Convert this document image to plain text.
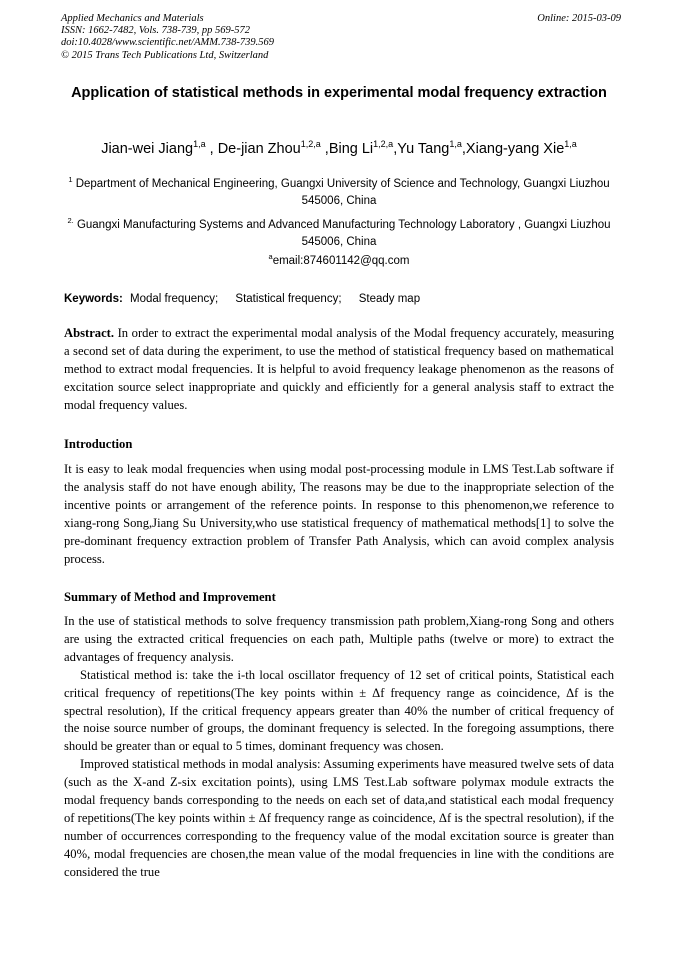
Applied Mechanics and Materials
ISSN: 1662-7482, Vols. 738-739, pp 569-572
doi:10.4028/www.scientific.net/AMM.738-739.569
© 2015 Trans Tech Publications Ltd, Switzerland
Online: 2015-03-09
Application of statistical methods in experimental modal frequency extraction
Jian-wei Jiang$^{1,a}$ , De-jian Zhou$^{1,2,a}$ ,Bing Li$^{1,2,a}$,Yu Tang$^{1,a}$,Xiang-yang Xie$^{1,a}$
$^1$ Department of Mechanical Engineering, Guangxi University of Science and Technology, Guangxi Liuzhou 545006, China
$^{2.}$ Guangxi Manufacturing Systems and Advanced Manufacturing Technology Laboratory , Guangxi Liuzhou 545006, China
$^a$email:874601142@qq.com
Keywords: Modal frequency; Statistical frequency; Steady map
Abstract. In order to extract the experimental modal analysis of the Modal frequency accurately, measuring a second set of data during the experiment, to use the method of statistical frequency based on mathematical method to extract modal frequencies. It is helpful to avoid frequency leakage phenomenon as the reasons of excitation source select inappropriate and quickly and efficiently for a general analysis staff to extract the modal frequency values.
Introduction
It is easy to leak modal frequencies when using modal post-processing module in LMS Test.Lab software if the analysis staff do not have enough ability, The reasons may be due to the inappropriate selection of the incentive points or arrangement of the reference points. In response to this phenomenon,we reference to xiang-rong Song,Jiang Su University,who use statistical frequency of mathematical methods[1] to solve the pre-dominant frequency extraction problem of Transfer Path Analysis, which can avoid complex analysis process.
Summary of Method and Improvement
In the use of statistical methods to solve frequency transmission path problem,Xiang-rong Song and others are using the extracted critical frequencies on each path, Multiple paths (twelve or more) to extract the advantages of frequency analysis.
Statistical method is: take the i-th local oscillator frequency of 12 set of critical points, Statistical each critical frequency of repetitions(The key points within ± Δf frequency range as coincidence, Δf is the spectral resolution), If the critical frequency appears greater than 40% the number of critical frequency of the noise source number of groups, the dominant frequency is selected. In the foregoing assumptions, there should be greater than or equal to 5 times, dominant frequency was chosen.
Improved statistical methods in modal analysis: Assuming experiments have measured twelve sets of data (such as the X-and Z-six excitation points), using LMS Test.Lab software polymax module extracts the modal frequency bands corresponding to the needs on each set of data,and statistical each modal frequency of repetitions(The key points within ± Δf frequency range as coincidence, Δf is the spectral resolution), if the number of occurrences corresponding to the frequency value of the modal excitation source is greater than 40%, modal frequencies are chosen,the mean value of the modal frequencies in line with the conditions are considered the true
